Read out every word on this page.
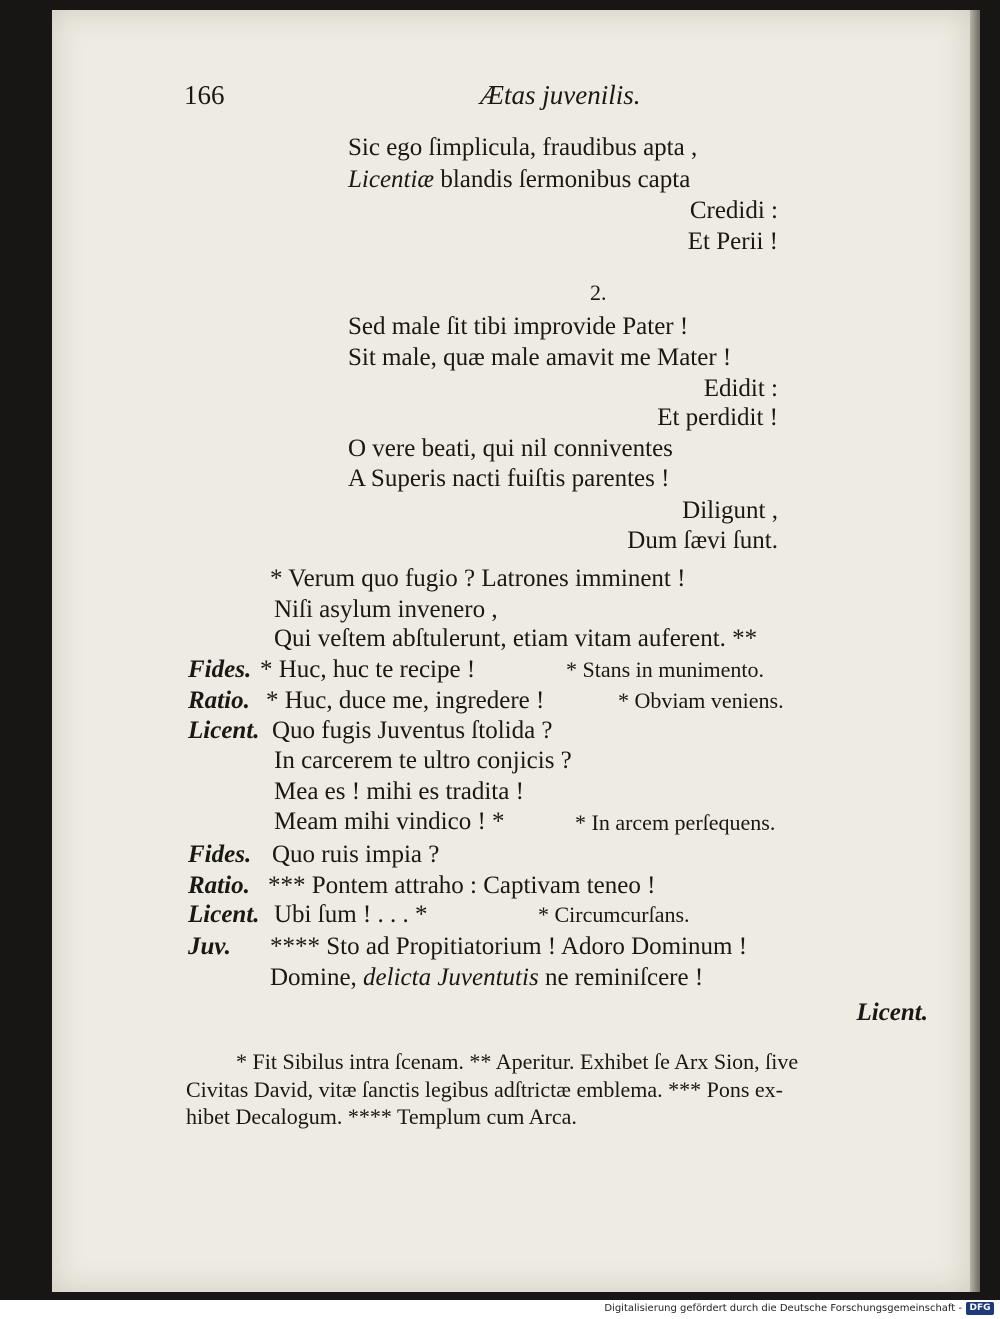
166	Ætas juvenilis.
Sic ego ſimplicula, fraudibus apta ,
Licentiæ blandis ſermonibus capta
Credidi :
Et Perii !
2.
Sed male ſit tibi improvide Pater !
Sit male, quæ male amavit me Mater !
Edidit :
Et perdidit !
O vere beati, qui nil conniventes
A Superis nacti fuiſtis parentes !
Diligunt ,
Dum ſævi ſunt.
* Verum quo fugio ? Latrones imminent !
Niſi asylum invenero ,
Qui veſtem abſtulerunt, etiam vitam auferent. **
Fides. * Huc, huc te recipe !	* Stans in munimento.
Ratio. * Huc, duce me, ingredere !	* Obviam veniens.
Licent. Quo fugis Juventus ſtolida ?
In carcerem te ultro conjicis ?
Mea es ! mihi es tradita !
Meam mihi vindico ! *	* In arcem perſequens.
Fides. Quo ruis impia ?
Ratio. *** Pontem attraho : Captivam teneo !
Licent. Ubi ſum ! . . . *	* Circumcurſans.
Juv. **** Sto ad Propitiatorium ! Adoro Dominum !
Domine, delicta Juventutis ne reminiſcere !
Licent.
* Fit Sibilus intra ſcenam. ** Aperitur. Exhibet ſe Arx Sion, ſive
Civitas David, vitæ ſanctis legibus adſtrictæ emblema. *** Pons ex-
hibet Decalogum. **** Templum cum Arca.
Digitalisierung gefördert durch die Deutsche Forschungsgemeinschaft - DFG
